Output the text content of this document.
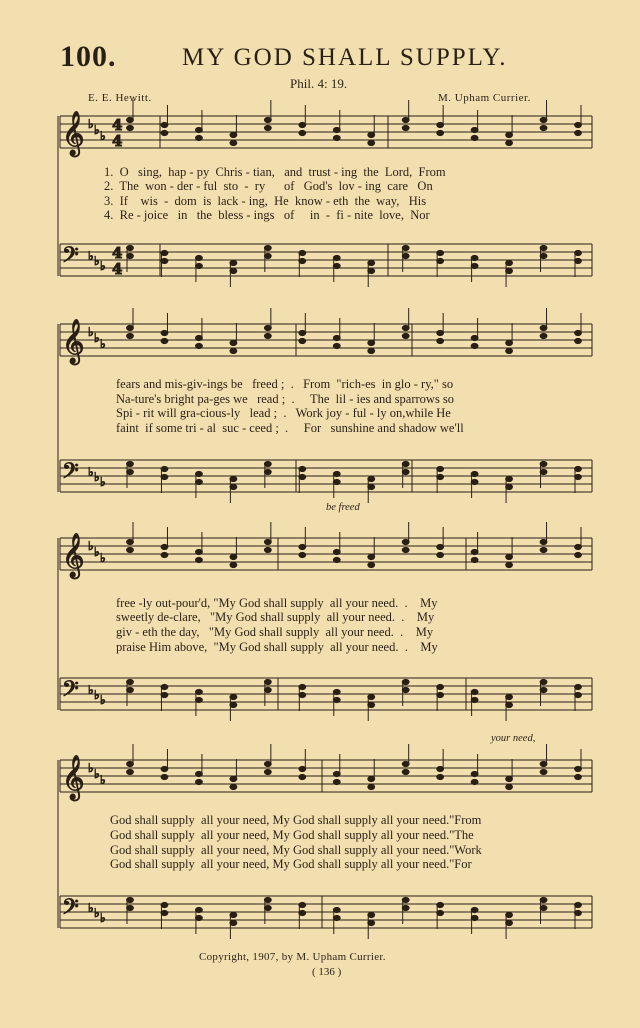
100.	MY GOD SHALL SUPPLY.
Phil. 4: 19.
E. E. Hewitt.	M. Upham Currier.
𝄞 ♭ ♭ ♭
𝄢 ♭ ♭ ♭
𝄞 ♭ ♭ ♭
𝄢 ♭ ♭ ♭
𝄞 ♭ ♭ ♭
𝄢 ♭ ♭ ♭
𝄞 ♭ ♭ ♭
𝄢 ♭ ♭ ♭
4
4
4
4
1.  O   sing,  hap - py  Chris - tian,   and  trust - ing  the  Lord,  From
2.  The  won - der - ful  sto  -  ry      of   God's  lov - ing  care   On
3.  If    wis  -  dom  is  lack - ing,  He  know - eth  the  way,   His
4.  Re - joice   in   the  bless - ings   of     in  -  fi - nite  love,  Nor
fears and mis-giv-ings be   freed ;  .   From  "rich-es  in glo - ry," so
Na-ture's bright pa-ges we   read ;  .     The  lil - ies and sparrows so
Spi - rit will gra-cious-ly   lead ;  .   Work joy - ful - ly on,while He
faint  if some tri - al  suc - ceed ;  .     For   sunshine and shadow we'll
be freed
free -ly out-pour'd, "My God shall supply  all your need.  .    My
sweetly de-clare,   "My God shall supply  all your need.  .    My
giv - eth the day,   "My God shall supply  all your need.  .    My
praise Him above,  "My God shall supply  all your need.  .    My
your need,
God shall supply  all your need, My God shall supply all your need."From
God shall supply  all your need, My God shall supply all your need."The
God shall supply  all your need, My God shall supply all your need."Work
God shall supply  all your need, My God shall supply all your need."For
Copyright, 1907, by M. Upham Currier.
( 136 )
